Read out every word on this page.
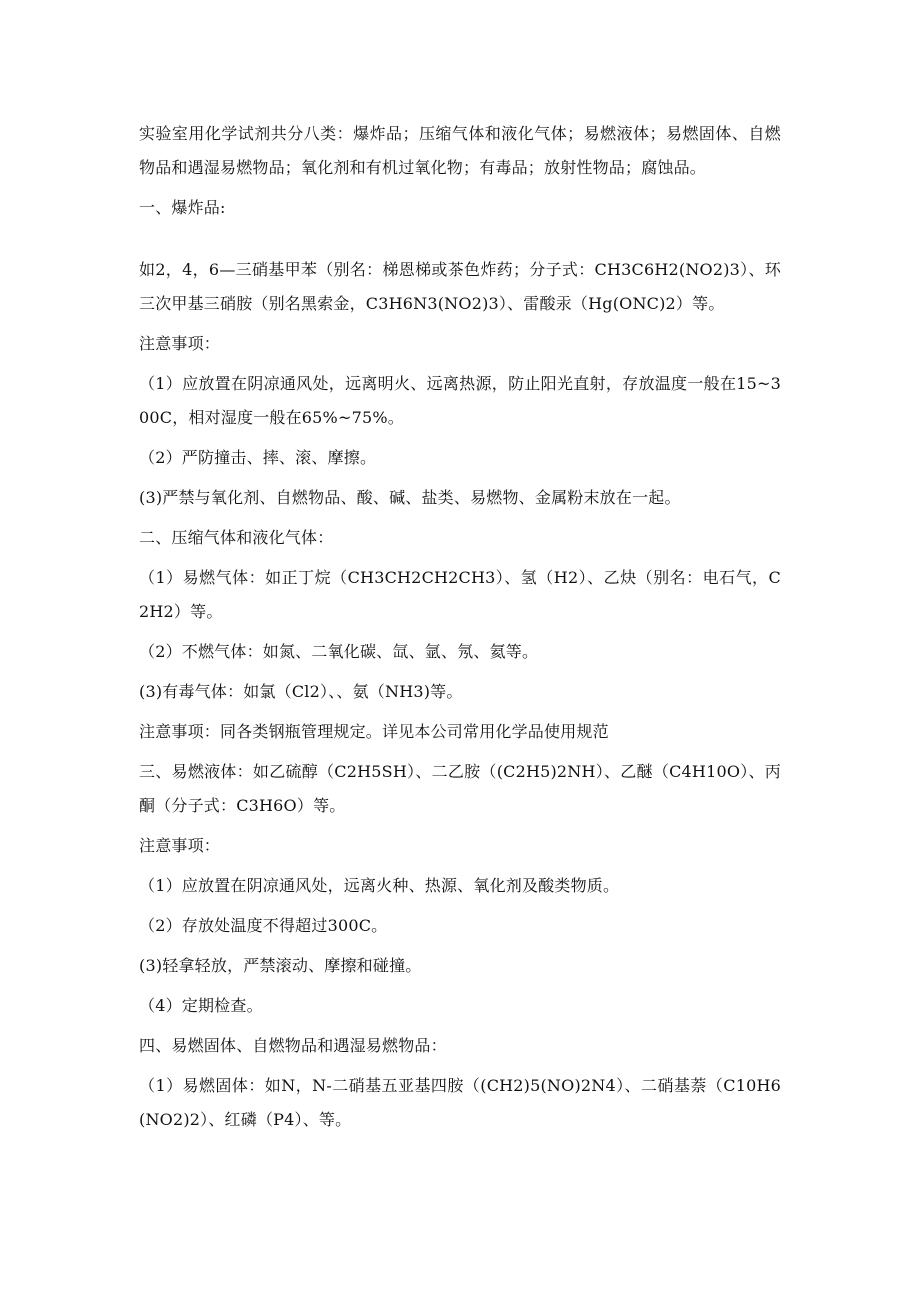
实验室用化学试剂共分八类：爆炸品；压缩气体和液化气体；易燃液体；易燃固体、自燃物品和遇湿易燃物品；氧化剂和有机过氧化物；有毒品；放射性物品；腐蚀品。

一、爆炸品:

如2，4，6—三硝基甲苯（别名：梯恩梯或茶色炸药；分子式：CH3C6H2(NO2)3）、环三次甲基三硝胺（别名黑索金，C3H6N3(NO2)3）、雷酸汞（Hg(ONC)2）等。

注意事项：

（1）应放置在阴凉通风处，远离明火、远离热源，防止阳光直射，存放温度一般在15~300C，相对湿度一般在65%~75%。

（2）严防撞击、摔、滚、摩擦。

(3)严禁与氧化剂、自燃物品、酸、碱、盐类、易燃物、金属粉末放在一起。

二、压缩气体和液化气体：

（1）易燃气体：如正丁烷（CH3CH2CH2CH3）、氢（H2）、乙炔（别名：电石气，C2H2）等。

（2）不燃气体：如氮、二氧化碳、氙、氩、氖、氦等。

(3)有毒气体：如氯（Cl2）、、氨（NH3)等。

注意事项：同各类钢瓶管理规定。详见本公司常用化学品使用规范

三、易燃液体：如乙硫醇（C2H5SH）、二乙胺（(C2H5)2NH）、乙醚（C4H10O）、丙酮（分子式：C3H6O）等。

注意事项：

（1）应放置在阴凉通风处，远离火种、热源、氧化剂及酸类物质。

（2）存放处温度不得超过300C。

(3)轻拿轻放，严禁滚动、摩擦和碰撞。

（4）定期检查。

四、易燃固体、自燃物品和遇湿易燃物品：

（1）易燃固体：如N，N-二硝基五亚基四胺（(CH2)5(NO)2N4）、二硝基萘（C10H6(NO2)2）、红磷（P4）、等。
